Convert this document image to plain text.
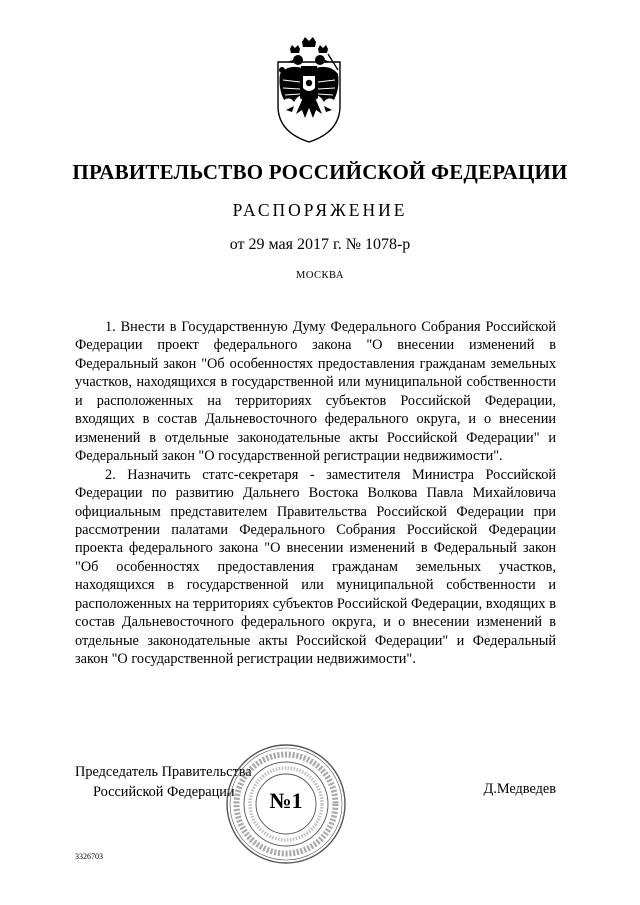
ПРАВИТЕЛЬСТВО РОССИЙСКОЙ ФЕДЕРАЦИИ
РАСПОРЯЖЕНИЕ
от 29 мая 2017 г. № 1078-р
МОСКВА

1. Внести в Государственную Думу Федерального Собрания Российской Федерации проект федерального закона "О внесении изменений в Федеральный закон "Об особенностях предоставления гражданам земельных участков, находящихся в государственной или муниципальной собственности и расположенных на территориях субъектов Российской Федерации, входящих в состав Дальневосточного федерального округа, и о внесении изменений в отдельные законодательные акты Российской Федерации" и Федеральный закон "О государственной регистрации недвижимости".

2. Назначить статс-секретаря - заместителя Министра Российской Федерации по развитию Дальнего Востока Волкова Павла Михайловича официальным представителем Правительства Российской Федерации при рассмотрении палатами Федерального Собрания Российской Федерации проекта федерального закона "О внесении изменений в Федеральный закон "Об особенностях предоставления гражданам земельных участков, находящихся в государственной или муниципальной собственности и расположенных на территориях субъектов Российской Федерации, входящих в состав Дальневосточного федерального округа, и о внесении изменений в отдельные законодательные акты Российской Федерации" и Федеральный закон "О государственной регистрации недвижимости".

Председатель Правительства
Российской Федерации	№1	Д.Медведев
3326703
